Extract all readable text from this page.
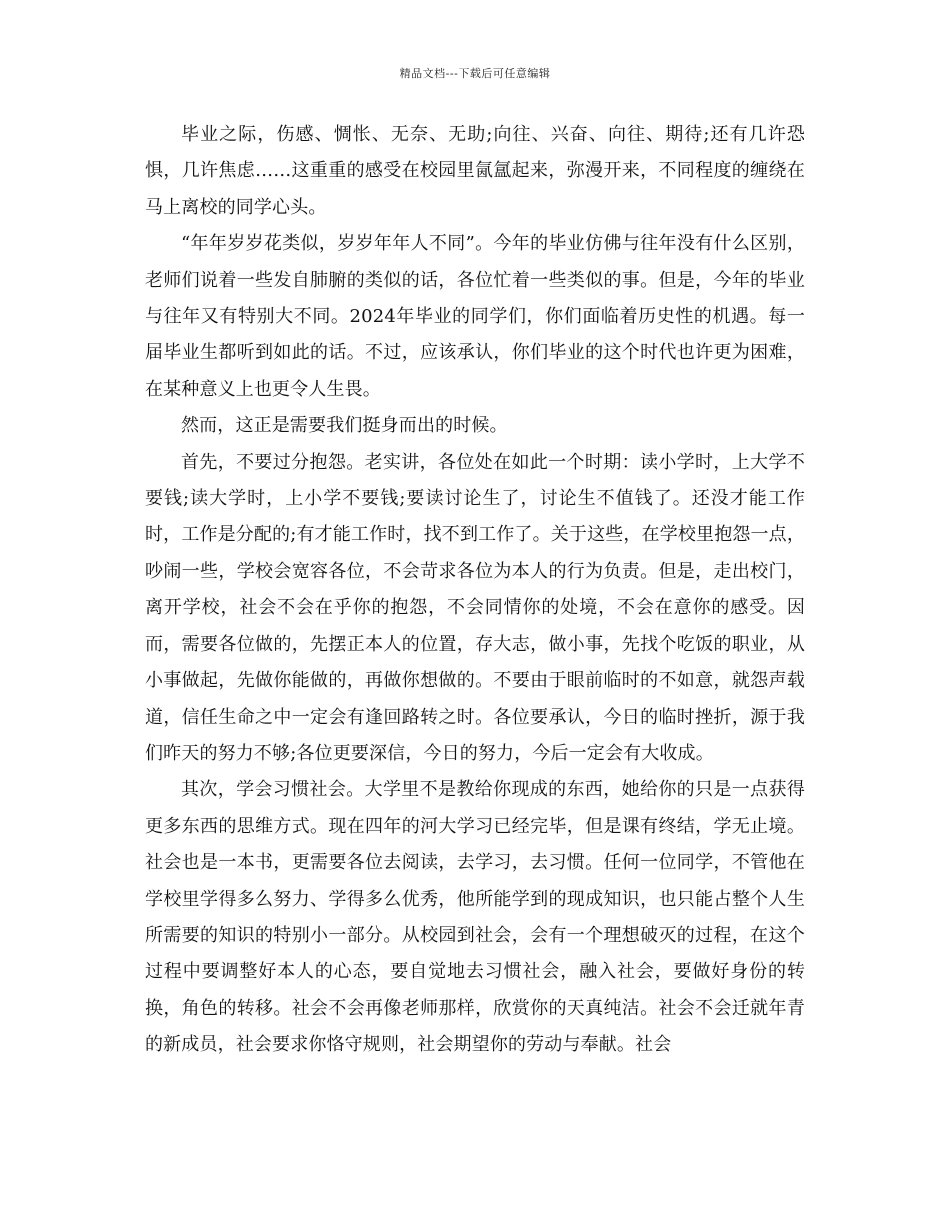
精品文档---下载后可任意编辑

毕业之际，伤感、惆怅、无奈、无助;向往、兴奋、向往、期待;还有几许恐惧，几许焦虑……这重重的感受在校园里氤氲起来，弥漫开来，不同程度的缠绕在马上离校的同学心头。

“年年岁岁花类似，岁岁年年人不同”。今年的毕业仿佛与往年没有什么区别，老师们说着一些发自肺腑的类似的话，各位忙着一些类似的事。但是，今年的毕业与往年又有特别大不同。2024年毕业的同学们，你们面临着历史性的机遇。每一届毕业生都听到如此的话。不过，应该承认，你们毕业的这个时代也许更为困难，在某种意义上也更令人生畏。

然而，这正是需要我们挺身而出的时候。

首先，不要过分抱怨。老实讲，各位处在如此一个时期：读小学时，上大学不要钱;读大学时，上小学不要钱;要读讨论生了，讨论生不值钱了。还没才能工作时，工作是分配的;有才能工作时，找不到工作了。关于这些，在学校里抱怨一点，吵闹一些，学校会宽容各位，不会苛求各位为本人的行为负责。但是，走出校门，离开学校，社会不会在乎你的抱怨，不会同情你的处境，不会在意你的感受。因而，需要各位做的，先摆正本人的位置，存大志，做小事，先找个吃饭的职业，从小事做起，先做你能做的，再做你想做的。不要由于眼前临时的不如意，就怨声载道，信任生命之中一定会有逢回路转之时。各位要承认，今日的临时挫折，源于我们昨天的努力不够;各位更要深信，今日的努力，今后一定会有大收成。

其次，学会习惯社会。大学里不是教给你现成的东西，她给你的只是一点获得更多东西的思维方式。现在四年的河大学习已经完毕，但是课有终结，学无止境。社会也是一本书，更需要各位去阅读，去学习，去习惯。任何一位同学，不管他在学校里学得多么努力、学得多么优秀，他所能学到的现成知识，也只能占整个人生所需要的知识的特别小一部分。从校园到社会，会有一个理想破灭的过程，在这个过程中要调整好本人的心态，要自觉地去习惯社会，融入社会，要做好身份的转换，角色的转移。社会不会再像老师那样，欣赏你的天真纯洁。社会不会迁就年青的新成员，社会要求你恪守规则，社会期望你的劳动与奉献。社会
